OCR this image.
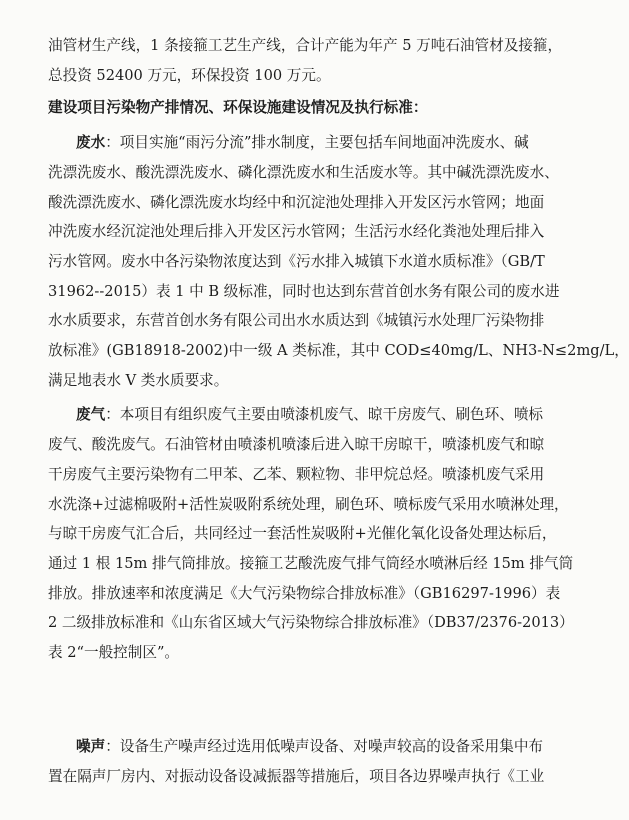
油管材生产线，1 条接箍工艺生产线，合计产能为年产 5 万吨石油管材及接箍，
总投资 52400 万元，环保投资 100 万元。
建设项目污染物产排情况、环保设施建设情况及执行标准：
废水：项目实施“雨污分流”排水制度，主要包括车间地面冲洗废水、碱
洗漂洗废水、酸洗漂洗废水、磷化漂洗废水和生活废水等。其中碱洗漂洗废水、
酸洗漂洗废水、磷化漂洗废水均经中和沉淀池处理排入开发区污水管网；地面
冲洗废水经沉淀池处理后排入开发区污水管网；生活污水经化粪池处理后排入
污水管网。废水中各污染物浓度达到《污水排入城镇下水道水质标准》（GB/T
31962--2015）表 1 中 B 级标准，同时也达到东营首创水务有限公司的废水进
水水质要求，东营首创水务有限公司出水水质达到《城镇污水处理厂污染物排
放标准》(GB18918-2002)中一级 A 类标准，其中 COD≤40mg/L、NH3-N≤2mg/L，
满足地表水 V 类水质要求。
废气：本项目有组织废气主要由喷漆机废气、晾干房废气、刷色环、喷标
废气、酸洗废气。石油管材由喷漆机喷漆后进入晾干房晾干，喷漆机废气和晾
干房废气主要污染物有二甲苯、乙苯、颗粒物、非甲烷总烃。喷漆机废气采用
水洗涤+过滤棉吸附+活性炭吸附系统处理，刷色环、喷标废气采用水喷淋处理，
与晾干房废气汇合后，共同经过一套活性炭吸附+光催化氧化设备处理达标后，
通过 1 根 15m 排气筒排放。接箍工艺酸洗废气排气筒经水喷淋后经 15m 排气筒
排放。排放速率和浓度满足《大气污染物综合排放标准》（GB16297-1996）表
2 二级排放标准和《山东省区域大气污染物综合排放标准》（DB37/2376-2013）
表 2“一般控制区”。
噪声：设备生产噪声经过选用低噪声设备、对噪声较高的设备采用集中布
置在隔声厂房内、对振动设备设减振器等措施后，项目各边界噪声执行《工业
